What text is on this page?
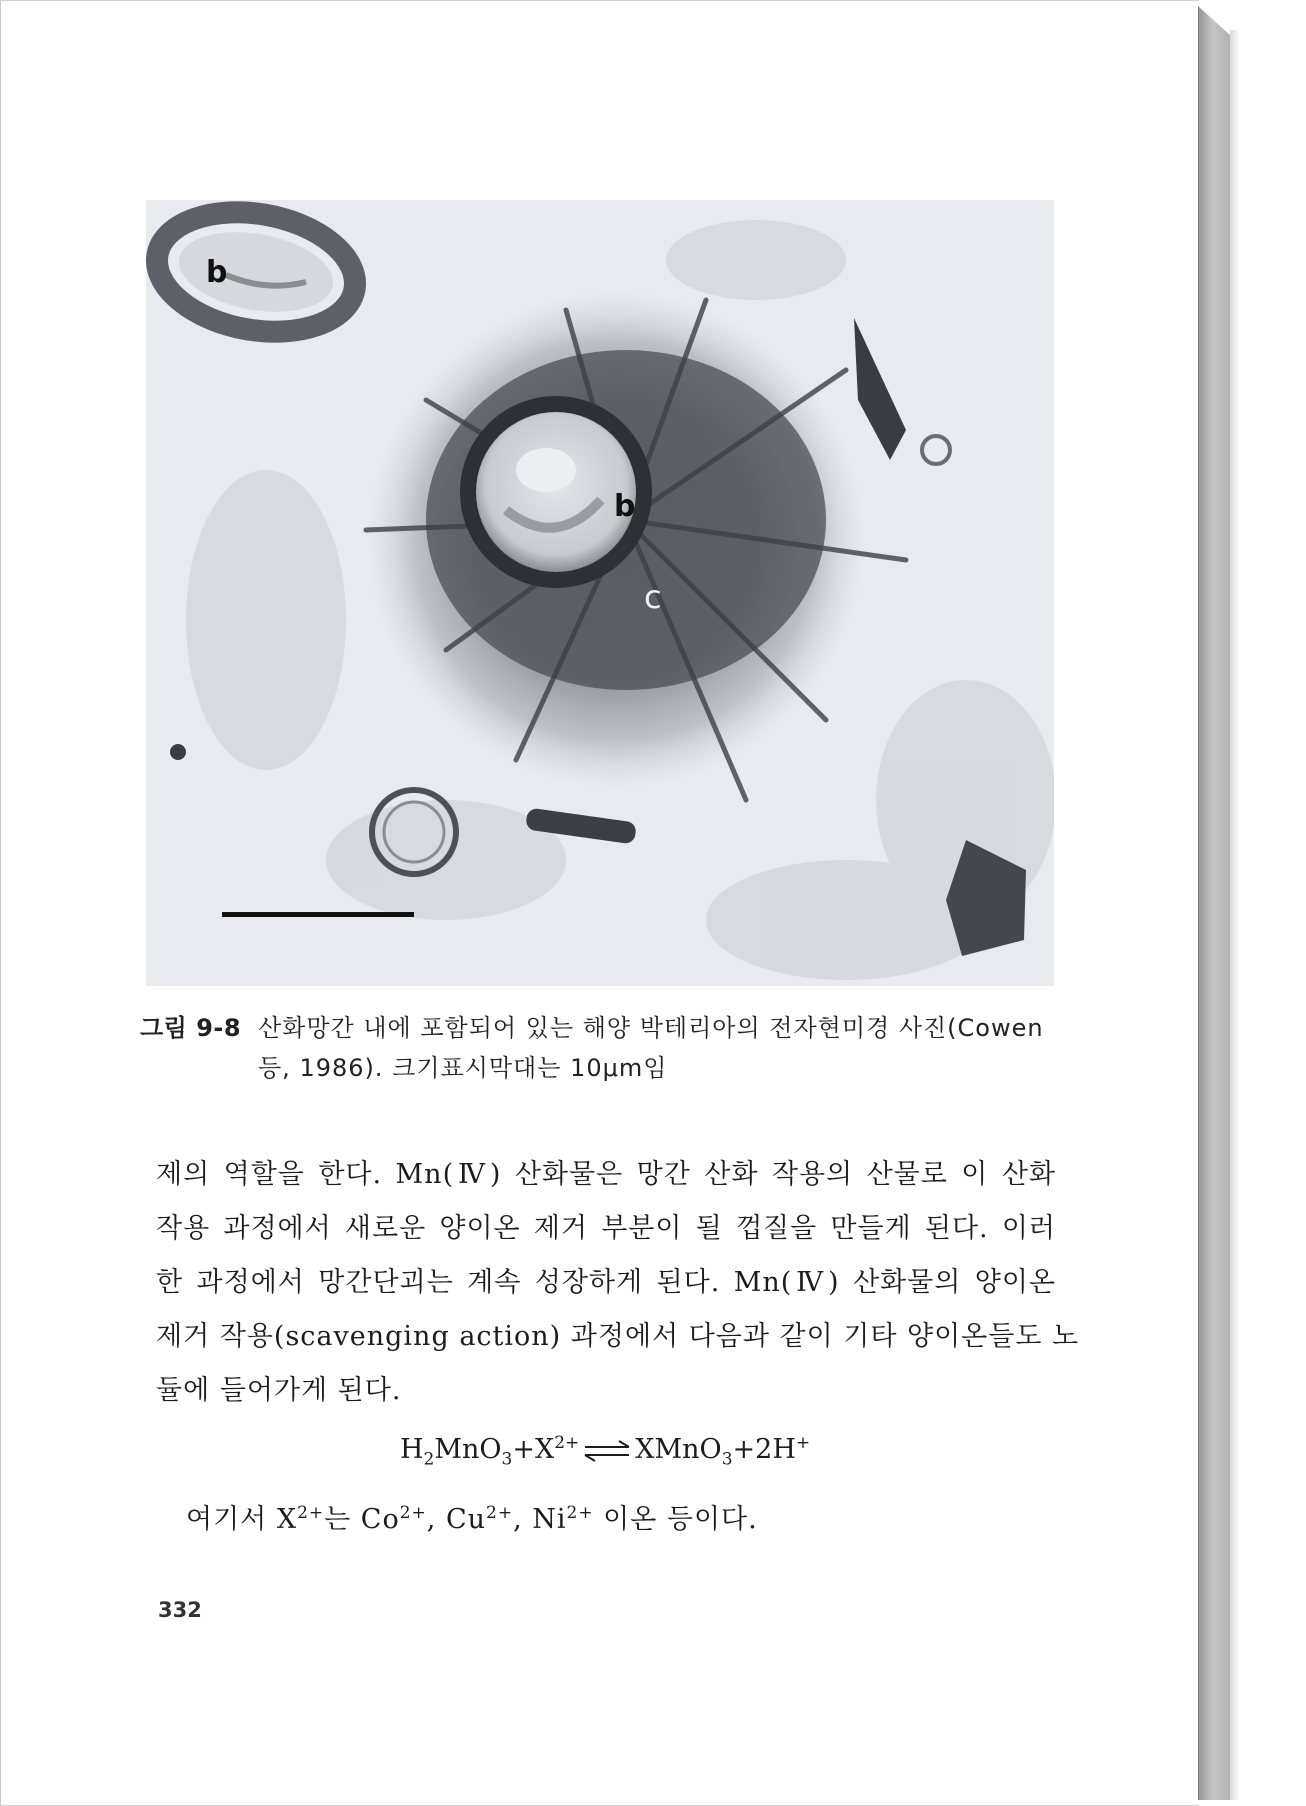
b
b
c
그림 9-8 산화망간 내에 포함되어 있는 해양 박테리아의 전자현미경 사진(Cowen
등, 1986). 크기표시막대는 10μm임
제의 역할을 한다. Mn(Ⅳ) 산화물은 망간 산화 작용의 산물로 이 산화
작용 과정에서 새로운 양이온 제거 부분이 될 껍질을 만들게 된다. 이러
한 과정에서 망간단괴는 계속 성장하게 된다. Mn(Ⅳ) 산화물의 양이온
제거 작용(scavenging action) 과정에서 다음과 같이 기타 양이온들도 노
듈에 들어가게 된다.
$H_2MnO_3+X^{2+}$ ⇌ XMnO$_3$+2H+
여기서 $X^{2+}$는 $Co^{2+}$, $Cu^{2+}$, $Ni^{2+}$ 이온 등이다.
332
